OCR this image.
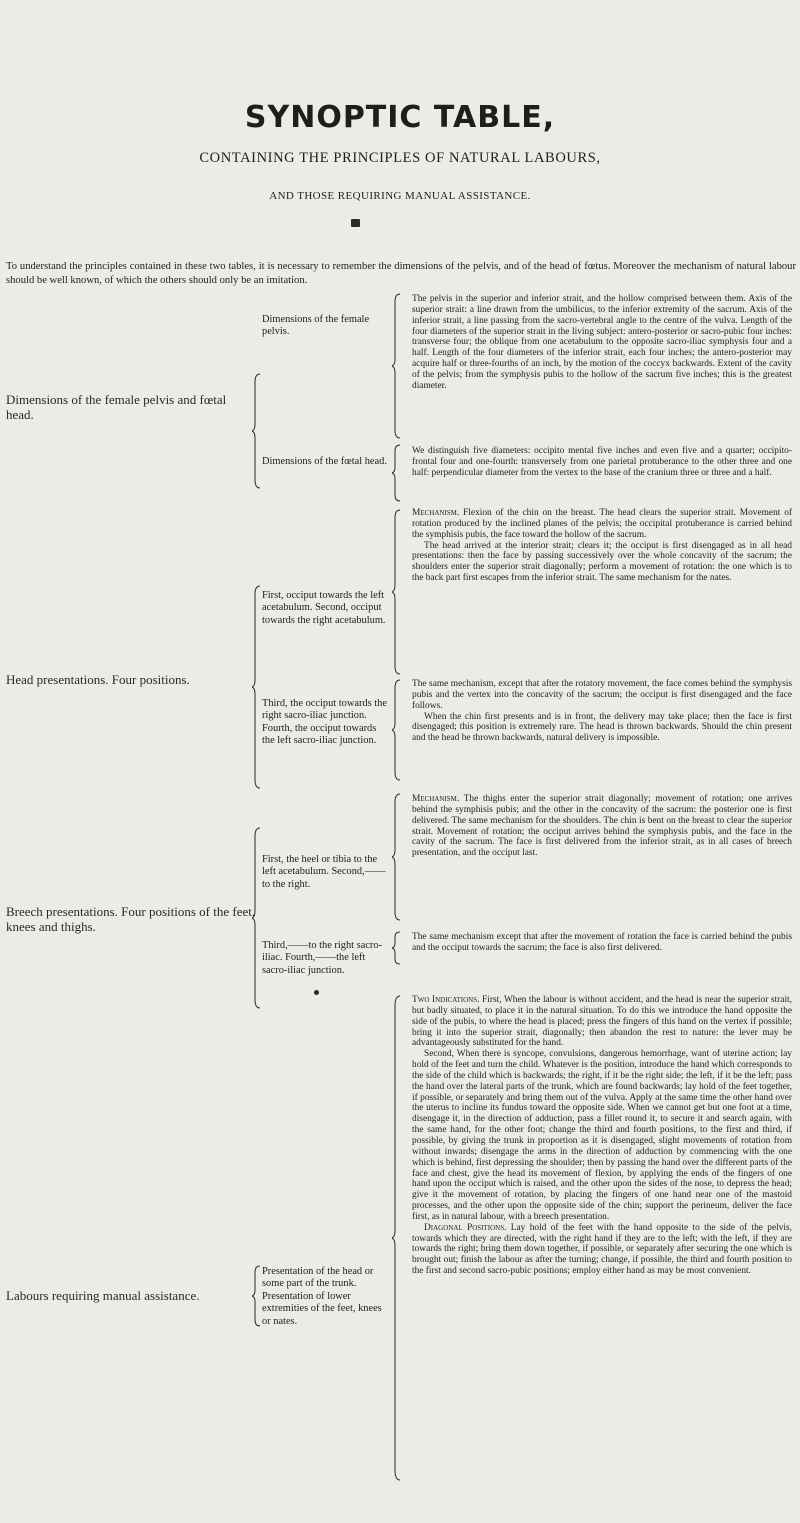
SYNOPTIC TABLE,
CONTAINING THE PRINCIPLES OF NATURAL LABOURS,
AND THOSE REQUIRING MANUAL ASSISTANCE.

To understand the principles contained in these two tables, it is necessary to remember the dimensions of the pelvis, and of the head of fœtus. Moreover the mechanism of natural labour should be well known, of which the others should only be an imitation.

Dimensions of the female pelvis and fœtal head.
Dimensions of the female pelvis.

The pelvis in the superior and inferior strait, and the hollow comprised between them. Axis of the superior strait: a line drawn from the umbilicus, to the inferior extremity of the sacrum. Axis of the inferior strait, a line passing from the sacro-vertebral angle to the centre of the vulva. Length of the four diameters of the superior strait in the living subject: antero-posterior or sacro-pubic four inches: transverse four; the oblique from one acetabulum to the opposite sacro-iliac symphysis four and a half. Length of the four diameters of the inferior strait, each four inches; the antero-posterior may acquire half or three-fourths of an inch, by the motion of the coccyx backwards. Extent of the cavity of the pelvis; from the symphysis pubis to the hollow of the sacrum five inches; this is the greatest diameter.

Dimensions of the fœtal head.

We distinguish five diameters: occipito mental five inches and even five and a quarter; occipito-frontal four and one-fourth: transversely from one parietal protuberance to the other three and one half: perpendicular diameter from the vertex to the base of the cranium three or three and a half.

Head presentations. Four positions.
First, occiput towards the left acetabulum. Second, occiput towards the right acetabulum.

Mechanism. Flexion of the chin on the breast. The head clears the superior strait. Movement of rotation produced by the inclined planes of the pelvis; the occipital protuberance is carried behind the symphisis pubis, the face toward the hollow of the sacrum.

The head arrived at the interior strait; clears it; the occiput is first disengaged as in all head presentations: then the face by passing successively over the whole concavity of the sacrum; the shoulders enter the superior strait diagonally; perform a movement of rotation: the one which is to the back part first escapes from the inferior strait. The same mechanism for the nates.

Third, the occiput towards the right sacro-iliac junction. Fourth, the occiput towards the left sacro-iliac junction.

The same mechanism, except that after the rotatory movement, the face comes behind the symphysis pubis and the vertex into the concavity of the sacrum; the occiput is first disengaged and the face follows.

When the chin first presents and is in front, the delivery may take place; then the face is first disengaged; this position is extremely rare. The head is thrown backwards. Should the chin present and the head be thrown backwards, natural delivery is impossible.

Breech presentations. Four positions of the feet, knees and thighs.
First, the heel or tibia to the left acetabulum. Second,——to the right.

Mechanism. The thighs enter the superior strait diagonally; movement of rotation; one arrives behind the symphisis pubis; and the other in the concavity of the sacrum: the posterior one is first delivered. The same mechanism for the shoulders. The chin is bent on the breast to clear the superior strait. Movement of rotation; the occiput arrives behind the symphysis pubis, and the face in the cavity of the sacrum. The face is first delivered from the inferior strait, as in all cases of breech presentation, and the occiput last.

Third,——to the right sacro-iliac. Fourth,——the left sacro-iliac junction.

The same mechanism except that after the movement of rotation the face is carried behind the pubis and the occiput towards the sacrum; the face is also first delivered.

Labours requiring manual assistance.
Presentation of the head or some part of the trunk. Presentation of lower extremities of the feet, knees or nates.

Two Indications. First, When the labour is without accident, and the head is near the superior strait, but badly situated, to place it in the natural situation. To do this we introduce the hand opposite the side of the pubis, to where the head is placed; press the fingers of this hand on the vertex if possible; bring it into the superior strait, diagonally; then abandon the rest to nature: the lever may be advantageously substituted for the hand.

Second, When there is syncope, convulsions, dangerous hemorrhage, want of uterine action; lay hold of the feet and turn the child. Whatever is the position, introduce the hand which corresponds to the side of the child which is backwards; the right, if it be the right side; the left, if it be the left; pass the hand over the lateral parts of the trunk, which are found backwards; lay hold of the feet together, if possible, or separately and bring them out of the vulva. Apply at the same time the other hand over the uterus to incline its fundus toward the opposite side. When we cannot get but one foot at a time, disengage it, in the direction of adduction, pass a fillet round it, to secure it and search again, with the same hand, for the other foot; change the third and fourth positions, to the first and third, if possible, by giving the trunk in proportion as it is disengaged, slight movements of rotation from without inwards; disengage the arms in the direction of adduction by commencing with the one which is behind, first depressing the shoulder; then by passing the hand over the different parts of the face and chest, give the head its movement of flexion, by applying the ends of the fingers of one hand upon the occiput which is raised, and the other upon the sides of the nose, to depress the head; give it the movement of rotation, by placing the fingers of one hand near one of the mastoid processes, and the other upon the opposite side of the chin; support the perineum, deliver the face first, as in natural labour, with a breech presentation.

Diagonal Positions. Lay hold of the feet with the hand opposite to the side of the pelvis, towards which they are directed, with the right hand if they are to the left; with the left, if they are towards the right; bring them down together, if possible, or separately after securing the one which is brought out; finish the labour as after the turning; change, if possible, the third and fourth position to the first and second sacro-pubic positions; employ either hand as may be most convenient.
